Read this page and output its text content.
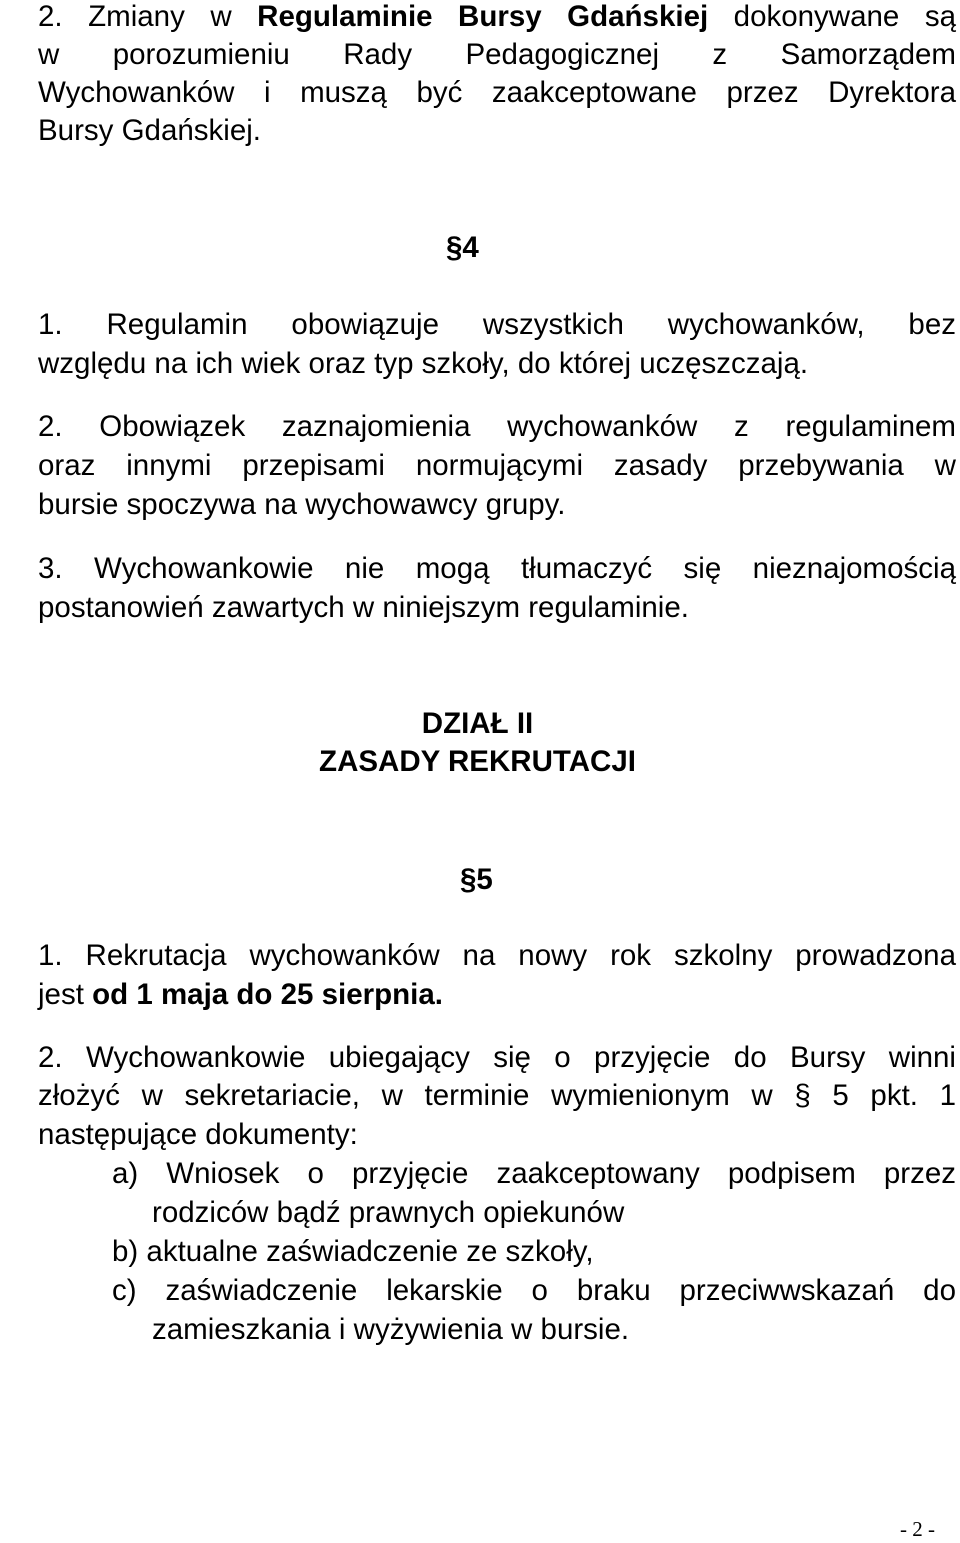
2. Zmiany w Regulaminie Bursy Gdańskiej dokonywane są
w porozumieniu Rady Pedagogicznej z Samorządem
Wychowanków i muszą być zaakceptowane przez Dyrektora
Bursy Gdańskiej.
§4
1. Regulamin obowiązuje wszystkich wychowanków, bez
względu na ich wiek oraz typ szkoły, do której uczęszczają.
2. Obowiązek zaznajomienia wychowanków z regulaminem
oraz innymi przepisami normującymi zasady przebywania w
bursie spoczywa na wychowawcy grupy.
3. Wychowankowie nie mogą tłumaczyć się nieznajomością
postanowień zawartych w niniejszym regulaminie.
DZIAŁ II
ZASADY REKRUTACJI
§5
1. Rekrutacja wychowanków na nowy rok szkolny prowadzona
jest od 1 maja do 25 sierpnia.
2. Wychowankowie ubiegający się o przyjęcie do Bursy winni
złożyć w sekretariacie, w terminie wymienionym w § 5 pkt. 1
następujące dokumenty:
a) Wniosek o przyjęcie zaakceptowany podpisem przez
rodziców bądź prawnych opiekunów
b) aktualne zaświadczenie ze szkoły,
c) zaświadczenie lekarskie o braku przeciwwskazań do
zamieszkania i wyżywienia w bursie.
- 2 -
